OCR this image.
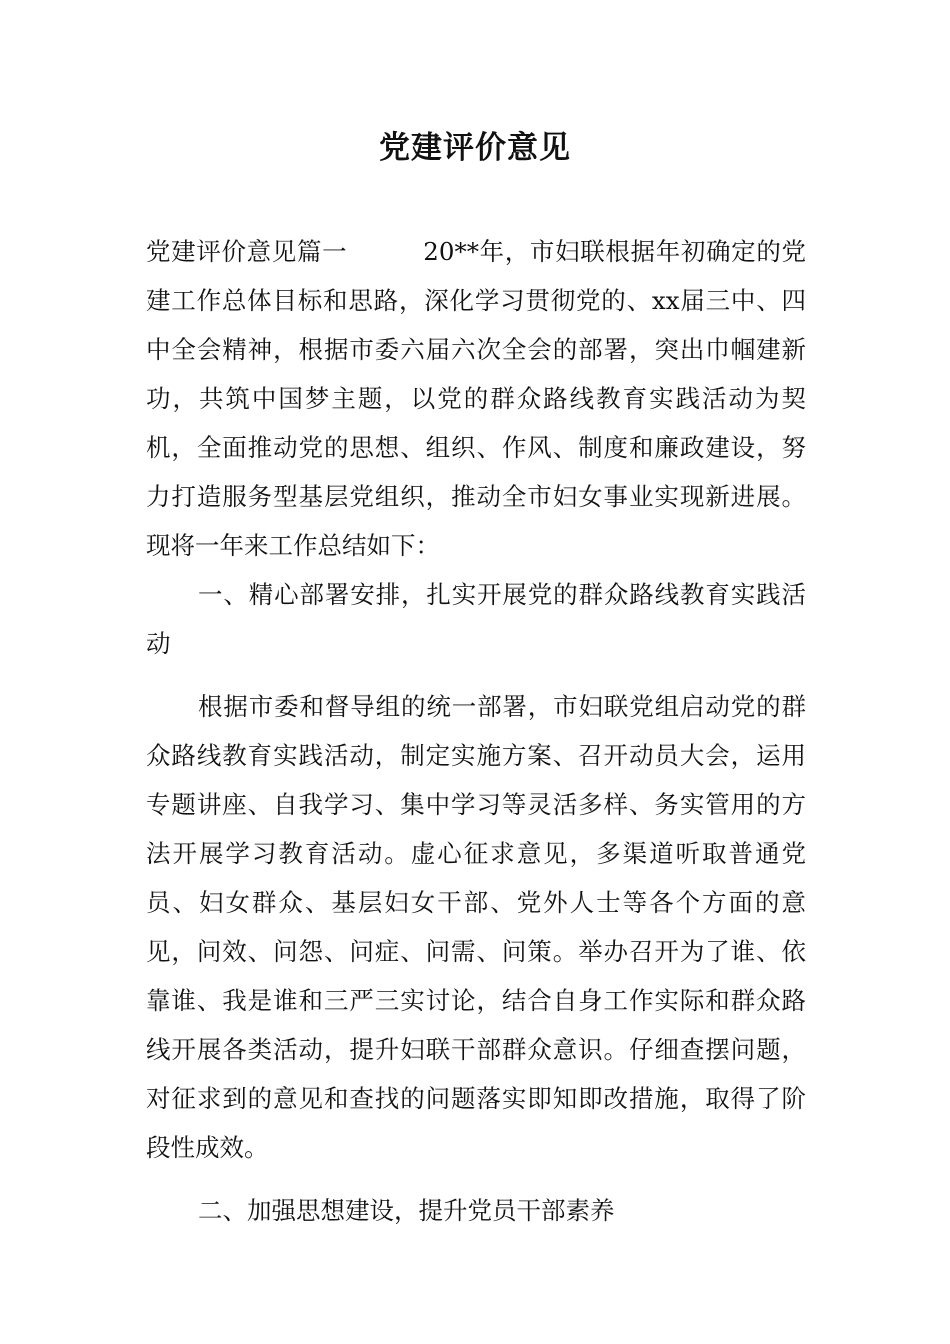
党建评价意见

党建评价意见篇一	20**年，市妇联根据年初确定的党建工作总体目标和思路，深化学习贯彻党的、xx届三中、四中全会精神，根据市委六届六次全会的部署，突出巾帼建新功，共筑中国梦主题，以党的群众路线教育实践活动为契机，全面推动党的思想、组织、作风、制度和廉政建设，努力打造服务型基层党组织，推动全市妇女事业实现新进展。现将一年来工作总结如下：

一、精心部署安排，扎实开展党的群众路线教育实践活动

根据市委和督导组的统一部署，市妇联党组启动党的群众路线教育实践活动，制定实施方案、召开动员大会，运用专题讲座、自我学习、集中学习等灵活多样、务实管用的方法开展学习教育活动。虚心征求意见，多渠道听取普通党员、妇女群众、基层妇女干部、党外人士等各个方面的意见，问效、问怨、问症、问需、问策。举办召开为了谁、依靠谁、我是谁和三严三实讨论，结合自身工作实际和群众路线开展各类活动，提升妇联干部群众意识。仔细查摆问题，对征求到的意见和查找的问题落实即知即改措施，取得了阶段性成效。

二、加强思想建设，提升党员干部素养
